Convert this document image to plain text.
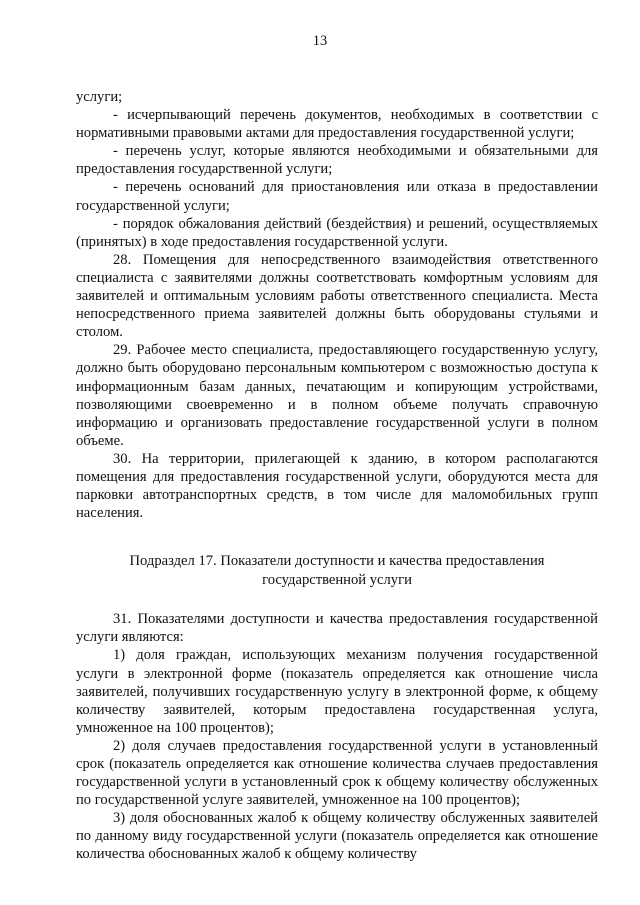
13

услуги;

- исчерпывающий перечень документов, необходимых в соответствии с нормативными правовыми актами для предоставления государственной услуги;

- перечень услуг, которые являются необходимыми и обязательными для предоставления государственной услуги;

- перечень оснований для приостановления или отказа в предоставлении государственной услуги;

- порядок обжалования действий (бездействия) и решений, осуществляемых (принятых) в ходе предоставления государственной услуги.

28. Помещения для непосредственного взаимодействия ответственного специалиста с заявителями должны соответствовать комфортным условиям для заявителей и оптимальным условиям работы ответственного специалиста. Места непосредственного приема заявителей должны быть оборудованы стульями и столом.

29. Рабочее место специалиста, предоставляющего государственную услугу, должно быть оборудовано персональным компьютером с возможностью доступа к информационным базам данных, печатающим и копирующим устройствами, позволяющими своевременно и в полном объеме получать справочную информацию и организовать предоставление государственной услуги в полном объеме.

30. На территории, прилегающей к зданию, в котором располагаются помещения для предоставления государственной услуги, оборудуются места для парковки автотранспортных средств, в том числе для маломобильных групп населения.

Подраздел 17. Показатели доступности и качества предоставления
государственной услуги

31. Показателями доступности и качества предоставления государственной услуги являются:

1) доля граждан, использующих механизм получения государственной услуги в электронной форме (показатель определяется как отношение числа заявителей, получивших государственную услугу в электронной форме, к общему количеству заявителей, которым предоставлена государственная услуга, умноженное на 100 процентов);

2) доля случаев предоставления государственной услуги в установленный срок (показатель определяется как отношение количества случаев предоставления государственной услуги в установленный срок к общему количеству обслуженных по государственной услуге заявителей, умноженное на 100 процентов);

3) доля обоснованных жалоб к общему количеству обслуженных заявителей по данному виду государственной услуги (показатель определяется как отношение количества обоснованных жалоб к общему количеству
